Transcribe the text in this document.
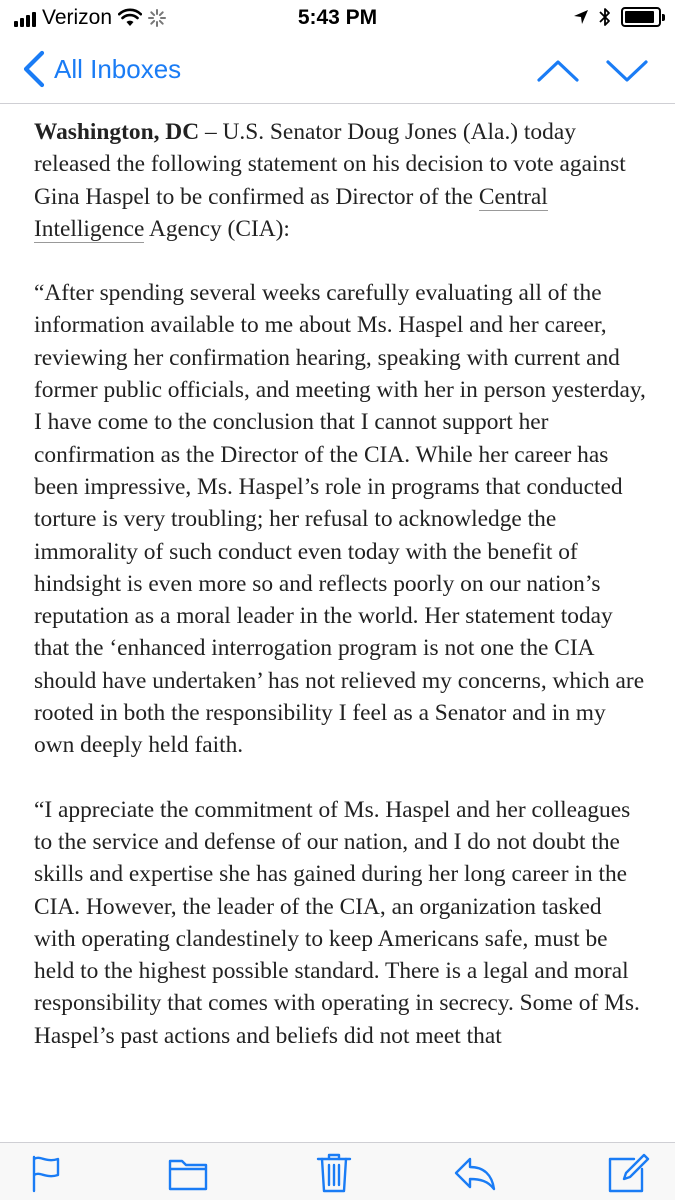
Verizon	5:43 PM
All Inboxes

Washington, DC – U.S. Senator Doug Jones (Ala.) today released the following statement on his decision to vote against Gina Haspel to be confirmed as Director of the Central Intelligence Agency (CIA):

“After spending several weeks carefully evaluating all of the information available to me about Ms. Haspel and her career, reviewing her confirmation hearing, speaking with current and former public officials, and meeting with her in person yesterday, I have come to the conclusion that I cannot support her confirmation as the Director of the CIA. While her career has been impressive, Ms. Haspel’s role in programs that conducted torture is very troubling; her refusal to acknowledge the immorality of such conduct even today with the benefit of hindsight is even more so and reflects poorly on our nation’s reputation as a moral leader in the world. Her statement today that the ‘enhanced interrogation program is not one the CIA should have undertaken’ has not relieved my concerns, which are rooted in both the responsibility I feel as a Senator and in my own deeply held faith.

“I appreciate the commitment of Ms. Haspel and her colleagues to the service and defense of our nation, and I do not doubt the skills and expertise she has gained during her long career in the CIA. However, the leader of the CIA, an organization tasked with operating clandestinely to keep Americans safe, must be held to the highest possible standard. There is a legal and moral responsibility that comes with operating in secrecy. Some of Ms. Haspel’s past actions and beliefs did not meet that
